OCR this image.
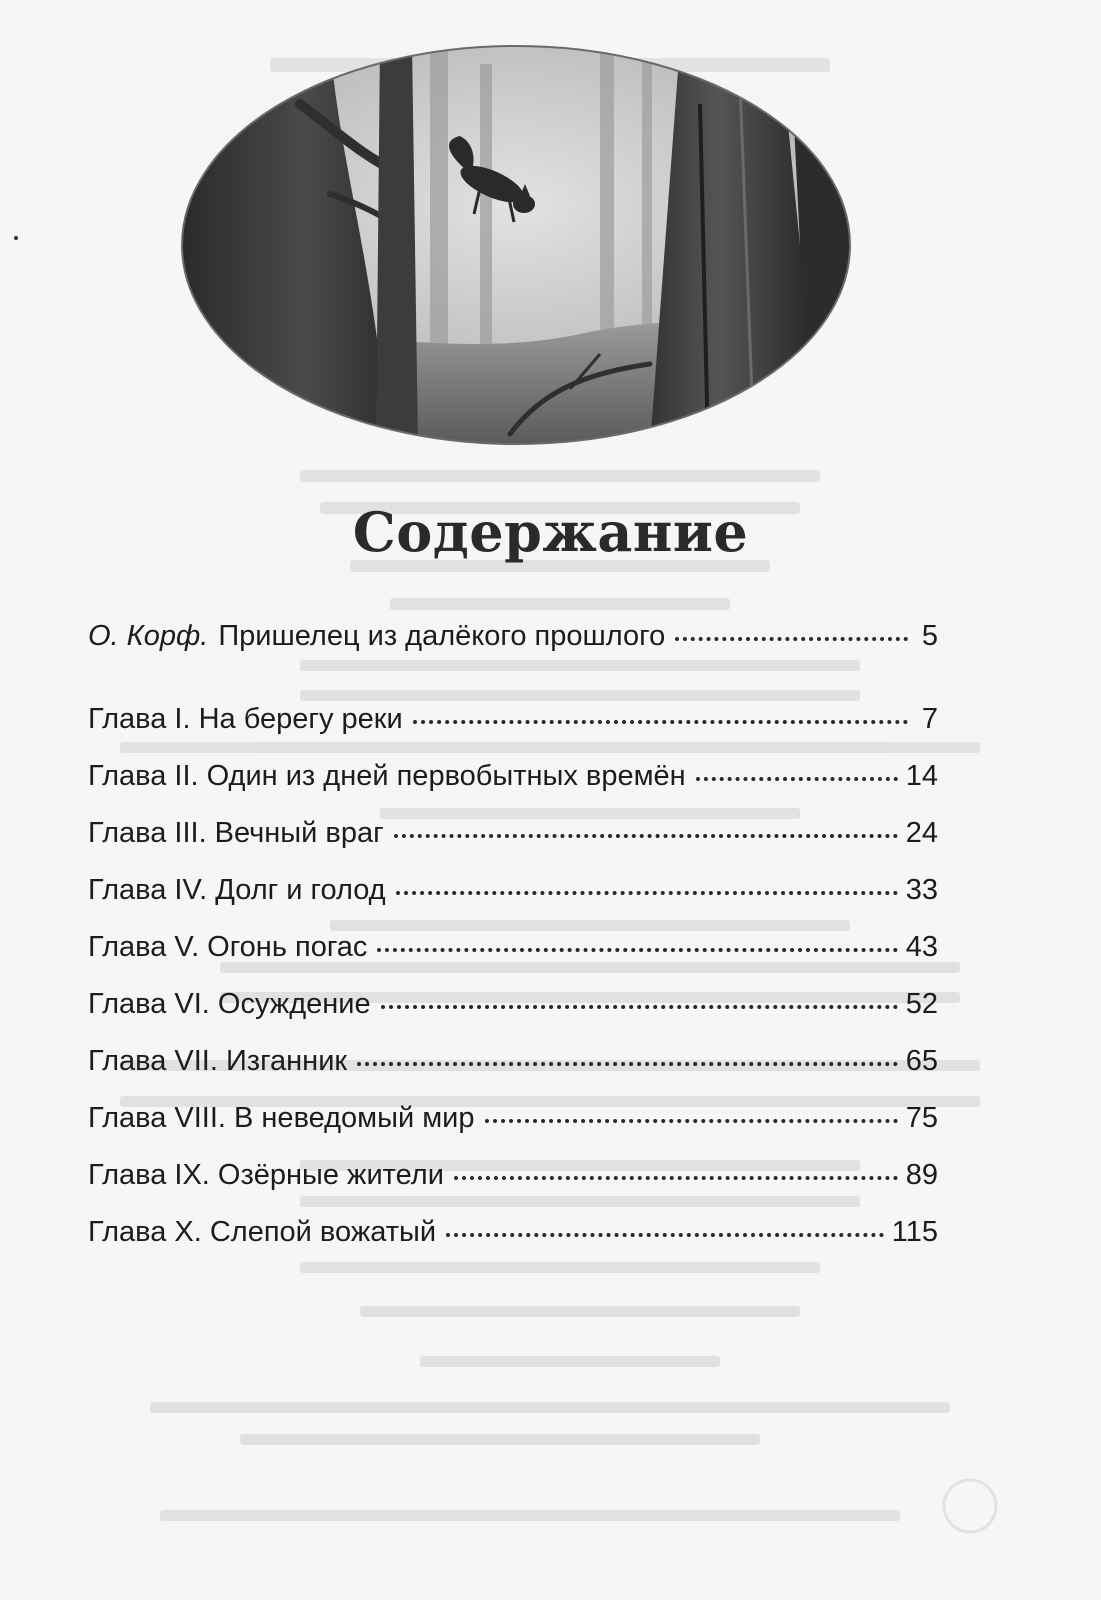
Содержание
О. Корф. Пришелец из далёкого прошлого	5
Глава I. На берегу реки	7
Глава II. Один из дней первобытных времён	14
Глава III. Вечный враг	24
Глава IV. Долг и голод	33
Глава V. Огонь погас	43
Глава VI. Осуждение	52
Глава VII. Изганник	65
Глава VIII. В неведомый мир	75
Глава IX. Озёрные жители	89
Глава X. Слепой вожатый	115
